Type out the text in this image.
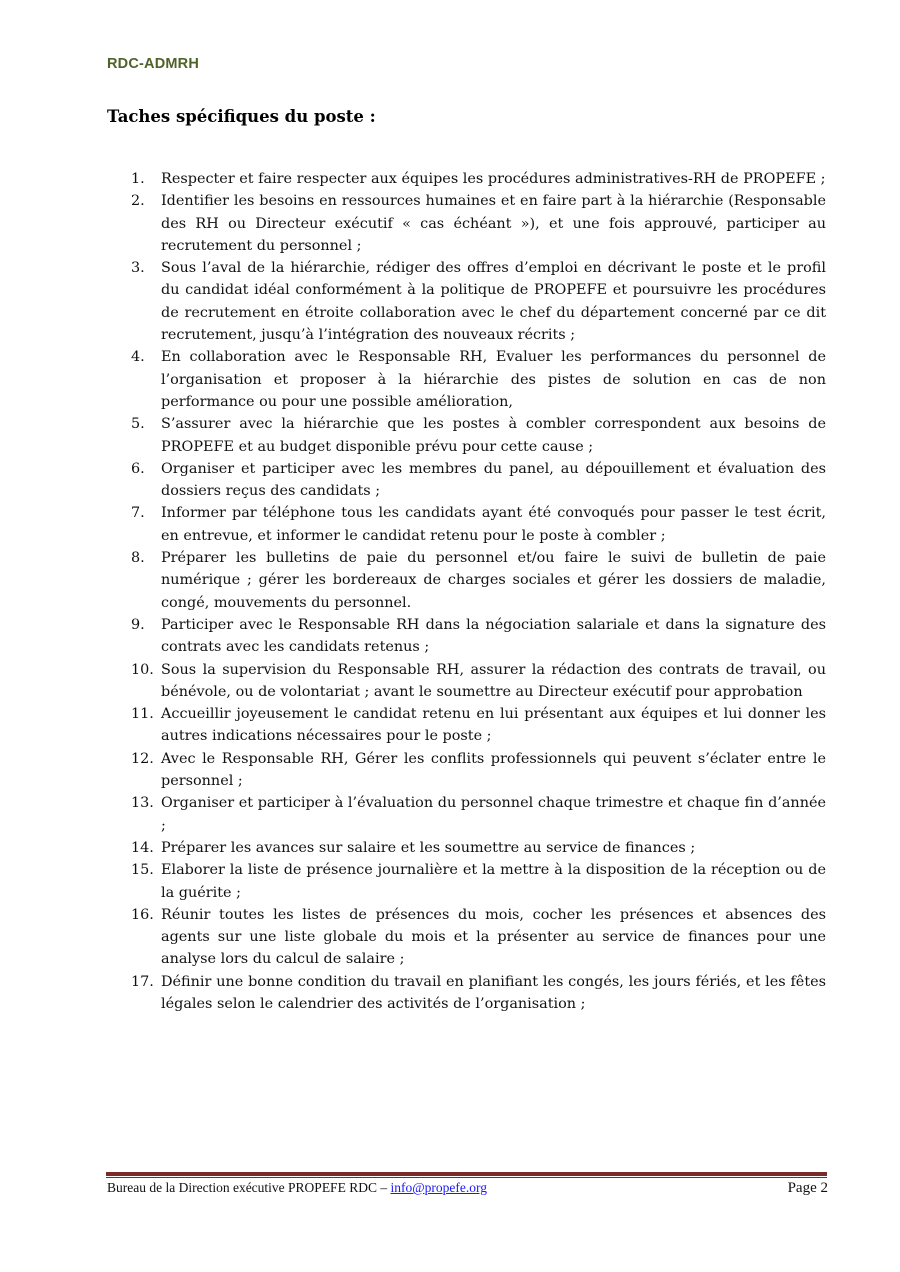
RDC-ADMRH
Taches spécifiques du poste :
1.	Respecter et faire respecter aux équipes les procédures administratives-RH de PROPEFE ;
2.	Identifier les besoins en ressources humaines et en faire part à la hiérarchie (Responsable des RH ou Directeur exécutif « cas échéant »), et une fois approuvé, participer au recrutement du personnel ;
3.	Sous l’aval de la hiérarchie, rédiger des offres d’emploi en décrivant le poste et le profil du candidat idéal conformément à la politique de PROPEFE et poursuivre les procédures de recrutement en étroite collaboration avec le chef du département concerné par ce dit recrutement, jusqu’à l’intégration des nouveaux récrits ;
4.	En collaboration avec le Responsable RH, Evaluer les performances du personnel de l’organisation et proposer à la hiérarchie des pistes de solution en cas de non performance ou pour une possible amélioration,
5.	S’assurer avec la hiérarchie que les postes à combler correspondent aux besoins de PROPEFE et au budget disponible prévu pour cette cause ;
6.	Organiser et participer avec les membres du panel, au dépouillement et évaluation des dossiers reçus des candidats ;
7.	Informer par téléphone tous les candidats ayant été convoqués pour passer le test écrit, en entrevue, et informer le candidat retenu pour le poste à combler ;
8.	Préparer les bulletins de paie du personnel et/ou faire le suivi de bulletin de paie numérique ; gérer les bordereaux de charges sociales et gérer les dossiers de maladie, congé, mouvements du personnel.
9.	Participer avec le Responsable RH dans la négociation salariale et dans la signature des contrats avec les candidats retenus ;
10. Sous la supervision du Responsable RH, assurer la rédaction des contrats de travail, ou bénévole, ou de volontariat ; avant le soumettre au Directeur exécutif pour approbation
11. Accueillir joyeusement le candidat retenu en lui présentant aux équipes et lui donner les autres indications nécessaires pour le poste ;
12. Avec le Responsable RH, Gérer les conflits professionnels qui peuvent s’éclater entre le personnel ;
13. Organiser et participer à l’évaluation du personnel chaque trimestre et chaque fin d’année ;
14. Préparer les avances sur salaire et les soumettre au service de finances ;
15. Elaborer la liste de présence journalière et la mettre à la disposition de la réception ou de la guérite ;
16. Réunir toutes les listes de présences du mois, cocher les présences et absences des agents sur une liste globale du mois et la présenter au service de finances pour une analyse lors du calcul de salaire ;
17. Définir une bonne condition du travail en planifiant les congés, les jours fériés, et les fêtes légales selon le calendrier des activités de l’organisation ;
Bureau de la Direction exécutive PROPEFE RDC – info@propefe.org	Page 2
